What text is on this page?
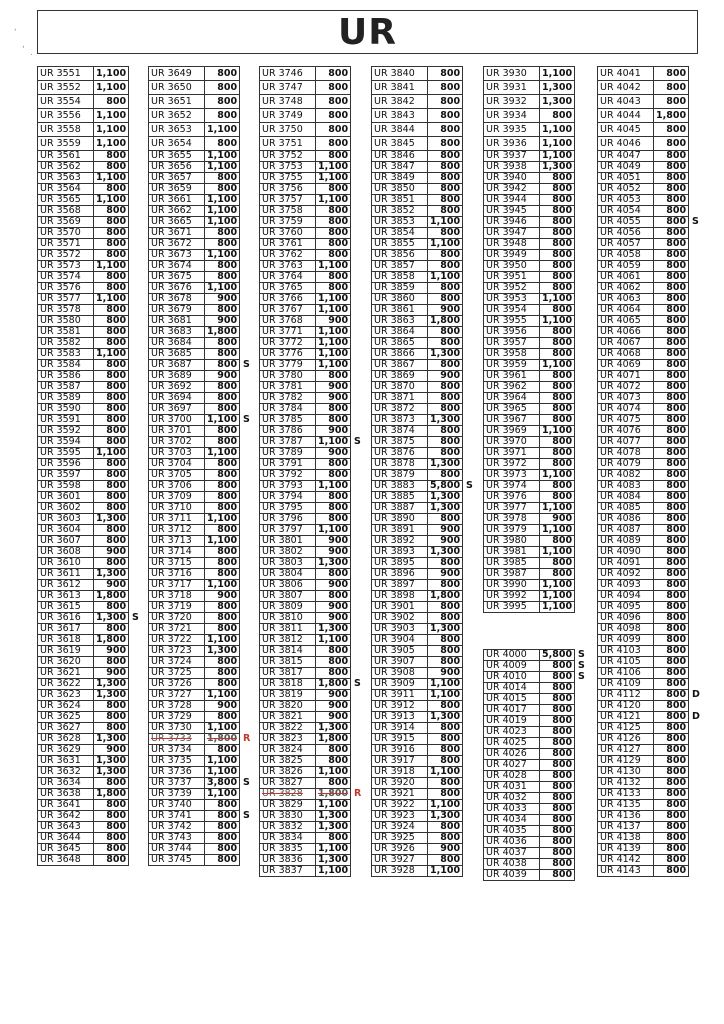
UR
'
,
.
UR 3551	1,100
UR 3552	1,100
UR 3554	800
UR 3556	1,100
UR 3558	1,100
UR 3559	1,100
UR 3561	800
UR 3562	800
UR 3563	1,100
UR 3564	800
UR 3565	1,100
UR 3568	800
UR 3569	800
UR 3570	800
UR 3571	800
UR 3572	800
UR 3573	1,100
UR 3574	800
UR 3576	800
UR 3577	1,100
UR 3578	800
UR 3580	800
UR 3581	800
UR 3582	800
UR 3583	1,100
UR 3584	800
UR 3586	800
UR 3587	800
UR 3589	800
UR 3590	800
UR 3591	800
UR 3592	800
UR 3594	800
UR 3595	1,100
UR 3596	800
UR 3597	800
UR 3598	800
UR 3601	800
UR 3602	800
UR 3603	1,300
UR 3604	800
UR 3607	800
UR 3608	900
UR 3610	800
UR 3611	1,300
UR 3612	900
UR 3613	1,800
UR 3615	800
UR 3616	1,300 S

UR 3617	800
UR 3618	1,800
UR 3619	900
UR 3620	800
UR 3621	900
UR 3622	1,300
UR 3623	1,300
UR 3624	800
UR 3625	800
UR 3627	800
UR 3628	1,300
UR 3629	900
UR 3631	1,300
UR 3632	1,300
UR 3634	800
UR 3638	1,800
UR 3641	800
UR 3642	800
UR 3643	800
UR 3644	800
UR 3645	800
UR 3648	800
UR 3649	800
UR 3650	800
UR 3651	800
UR 3652	800
UR 3653	1,100
UR 3654	800
UR 3655	1,100
UR 3656	1,100
UR 3657	800
UR 3659	800
UR 3661	1,100
UR 3662	1,100
UR 3665	1,100
UR 3671	800
UR 3672	800
UR 3673	1,100
UR 3674	800
UR 3675	800
UR 3676	1,100
UR 3678	900
UR 3679	800
UR 3681	900
UR 3683	1,800
UR 3684	800
UR 3685	800
UR 3687	800 S

UR 3689	900
UR 3692	800
UR 3694	800
UR 3697	800
UR 3700	1,100 S

UR 3701	800
UR 3702	800
UR 3703	1,100
UR 3704	800
UR 3705	800
UR 3706	800
UR 3709	800
UR 3710	800
UR 3711	1,100
UR 3712	800
UR 3713	1,100
UR 3714	800
UR 3715	800
UR 3716	800
UR 3717	1,100
UR 3718	900
UR 3719	800
UR 3720	800
UR 3721	800
UR 3722	1,100
UR 3723	1,300
UR 3724	800
UR 3725	800
UR 3726	800
UR 3727	1,100
UR 3728	900
UR 3729	800
UR 3730	1,100
UR 3733	1,800 R

UR 3734	800
UR 3735	1,100
UR 3736	1,100
UR 3737	3,800 S

UR 3739	1,100
UR 3740	800
UR 3741	800 S

UR 3742	800
UR 3743	800
UR 3744	800
UR 3745	800
UR 3746	800
UR 3747	800
UR 3748	800
UR 3749	800
UR 3750	800
UR 3751	800
UR 3752	800
UR 3753	1,100
UR 3755	1,100
UR 3756	800
UR 3757	1,100
UR 3758	800
UR 3759	800
UR 3760	800
UR 3761	800
UR 3762	800
UR 3763	1,100
UR 3764	800
UR 3765	800
UR 3766	1,100
UR 3767	1,100
UR 3768	900
UR 3771	1,100
UR 3772	1,100
UR 3776	1,100
UR 3779	1,100
UR 3780	800
UR 3781	900
UR 3782	900
UR 3784	800
UR 3785	800
UR 3786	900
UR 3787	1,100 S

UR 3789	900
UR 3791	800
UR 3792	800
UR 3793	1,100
UR 3794	800
UR 3795	800
UR 3796	800
UR 3797	1,100
UR 3801	900
UR 3802	900
UR 3803	1,300
UR 3804	800
UR 3806	900
UR 3807	800
UR 3809	900
UR 3810	900
UR 3811	1,300
UR 3812	1,100
UR 3814	800
UR 3815	800
UR 3817	800
UR 3818	1,800 S

UR 3819	900
UR 3820	900
UR 3821	900
UR 3822	1,300
UR 3823	1,800
UR 3824	800
UR 3825	800
UR 3826	1,100
UR 3827	800
UR 3828	1,800 R

UR 3829	1,100
UR 3830	1,300
UR 3832	1,300
UR 3834	800
UR 3835	1,100
UR 3836	1,300
UR 3837	1,100
UR 3840	800
UR 3841	800
UR 3842	800
UR 3843	800
UR 3844	800
UR 3845	800
UR 3846	800
UR 3847	800
UR 3849	800
UR 3850	800
UR 3851	800
UR 3852	800
UR 3853	1,100
UR 3854	800
UR 3855	1,100
UR 3856	800
UR 3857	800
UR 3858	1,100
UR 3859	800
UR 3860	800
UR 3861	900
UR 3863	1,800
UR 3864	800
UR 3865	800
UR 3866	1,300
UR 3867	800
UR 3869	900
UR 3870	800
UR 3871	800
UR 3872	800
UR 3873	1,300
UR 3874	800
UR 3875	800
UR 3876	800
UR 3878	1,300
UR 3879	800
UR 3883	5,800 S

UR 3885	1,300
UR 3887	1,300
UR 3890	800
UR 3891	900
UR 3892	900
UR 3893	1,300
UR 3895	800
UR 3896	900
UR 3897	800
UR 3898	1,800
UR 3901	800
UR 3902	800
UR 3903	1,300
UR 3904	800
UR 3905	800
UR 3907	800
UR 3908	900
UR 3909	1,100
UR 3911	1,100
UR 3912	800
UR 3913	1,300
UR 3914	800
UR 3915	800
UR 3916	800
UR 3917	800
UR 3918	1,100
UR 3920	800
UR 3921	800
UR 3922	1,100
UR 3923	1,300
UR 3924	800
UR 3925	800
UR 3926	900
UR 3927	800
UR 3928	1,100
UR 3930	1,100
UR 3931	1,300
UR 3932	1,300
UR 3934	800
UR 3935	1,100
UR 3936	1,100
UR 3937	1,100
UR 3938	1,300
UR 3940	800
UR 3942	800
UR 3944	800
UR 3945	800
UR 3946	800
UR 3947	800
UR 3948	800
UR 3949	800
UR 3950	800
UR 3951	800
UR 3952	800
UR 3953	1,100
UR 3954	800
UR 3955	1,100
UR 3956	800
UR 3957	800
UR 3958	800
UR 3959	1,100
UR 3961	800
UR 3962	800
UR 3964	800
UR 3965	800
UR 3967	800
UR 3969	1,100
UR 3970	800
UR 3971	800
UR 3972	800
UR 3973	1,100
UR 3974	800
UR 3976	800
UR 3977	1,100
UR 3978	900
UR 3979	1,100
UR 3980	800
UR 3981	1,100
UR 3985	800
UR 3987	800
UR 3990	1,100
UR 3992	1,100
UR 3995	1,100
UR 4000	5,800 S

UR 4009	800 S

UR 4010	800 S

UR 4014	800
UR 4015	800
UR 4017	800
UR 4019	800
UR 4023	800
UR 4025	800
UR 4026	800
UR 4027	800
UR 4028	800
UR 4031	800
UR 4032	800
UR 4033	800
UR 4034	800
UR 4035	800
UR 4036	800
UR 4037	800
UR 4038	800
UR 4039	800
UR 4041	800
UR 4042	800
UR 4043	800
UR 4044	1,800
UR 4045	800
UR 4046	800
UR 4047	800
UR 4049	800
UR 4051	800
UR 4052	800
UR 4053	800
UR 4054	800
UR 4055	800 S

UR 4056	800
UR 4057	800
UR 4058	800
UR 4059	800
UR 4061	800
UR 4062	800
UR 4063	800
UR 4064	800
UR 4065	800
UR 4066	800
UR 4067	800
UR 4068	800
UR 4069	800
UR 4071	800
UR 4072	800
UR 4073	800
UR 4074	800
UR 4075	800
UR 4076	800
UR 4077	800
UR 4078	800
UR 4079	800
UR 4082	800
UR 4083	800
UR 4084	800
UR 4085	800
UR 4086	800
UR 4087	800
UR 4089	800
UR 4090	800
UR 4091	800
UR 4092	800
UR 4093	800
UR 4094	800
UR 4095	800
UR 4096	800
UR 4098	800
UR 4099	800
UR 4103	800
UR 4105	800
UR 4106	800
UR 4109	800
UR 4112	800 D

UR 4120	800
UR 4121	800 D

UR 4125	800
UR 4126	800
UR 4127	800
UR 4129	800
UR 4130	800
UR 4132	800
UR 4133	800
UR 4135	800
UR 4136	800
UR 4137	800
UR 4138	800
UR 4139	800
UR 4142	800
UR 4143	800
